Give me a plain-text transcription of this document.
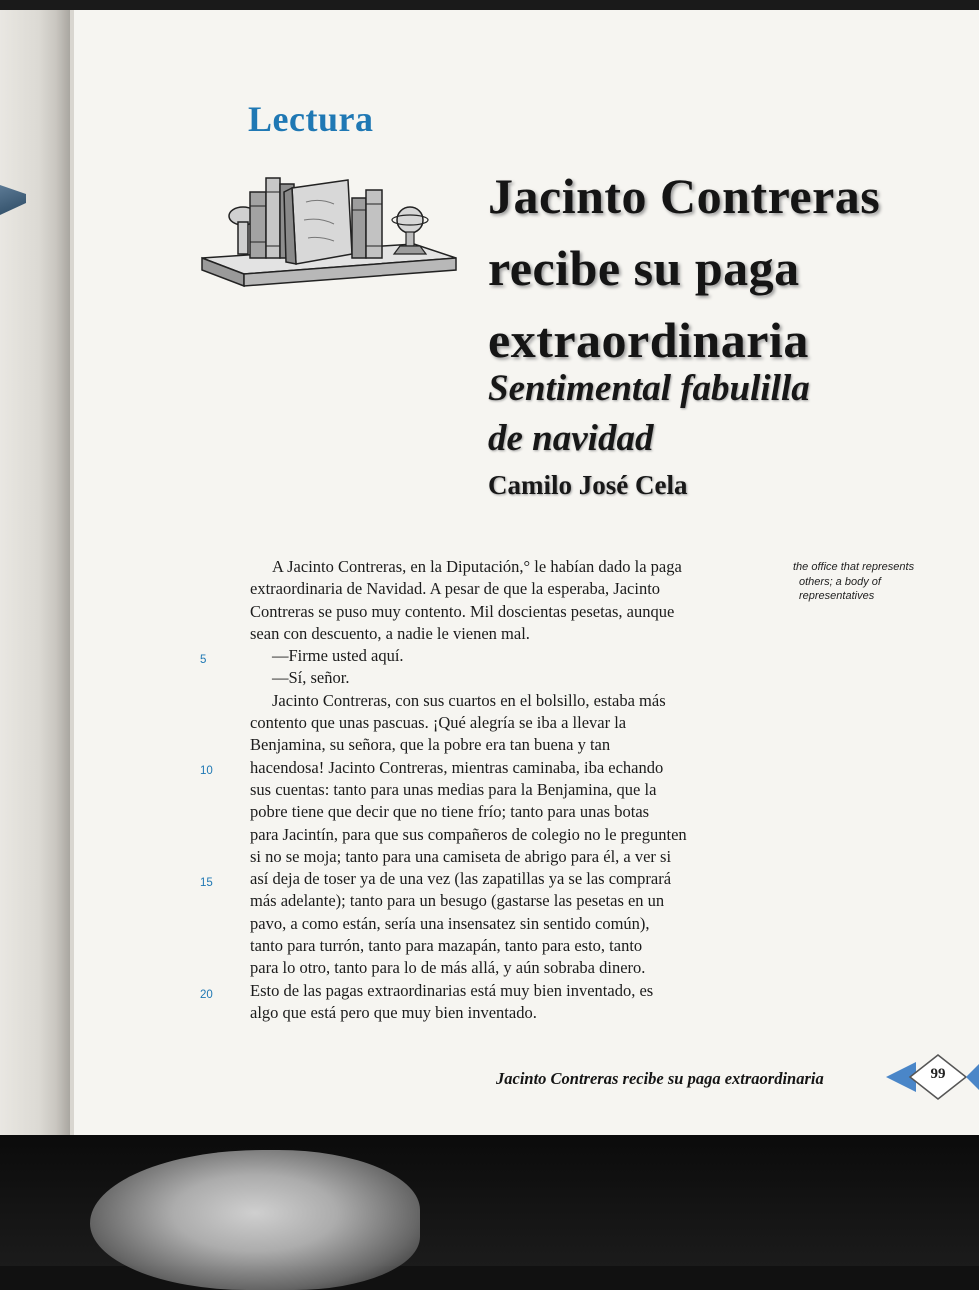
Lectura
Jacinto Contreras
recibe su paga
extraordinaria
Sentimental fabulilla
de navidad
Camilo José Cela
5
10
15
20
A Jacinto Contreras, en la Diputación,° le habían dado la paga
extraordinaria de Navidad. A pesar de que la esperaba, Jacinto
Contreras se puso muy contento. Mil doscientas pesetas, aunque
sean con descuento, a nadie le vienen mal.
—Firme usted aquí.
—Sí, señor.
Jacinto Contreras, con sus cuartos en el bolsillo, estaba más
contento que unas pascuas. ¡Qué alegría se iba a llevar la
Benjamina, su señora, que la pobre era tan buena y tan
hacendosa! Jacinto Contreras, mientras caminaba, iba echando
sus cuentas: tanto para unas medias para la Benjamina, que la
pobre tiene que decir que no tiene frío; tanto para unas botas
para Jacintín, para que sus compañeros de colegio no le pregunten
si no se moja; tanto para una camiseta de abrigo para él, a ver si
así deja de toser ya de una vez (las zapatillas ya se las comprará
más adelante); tanto para un besugo (gastarse las pesetas en un
pavo, a como están, sería una insensatez sin sentido común),
tanto para turrón, tanto para mazapán, tanto para esto, tanto
para lo otro, tanto para lo de más allá, y aún sobraba dinero.
Esto de las pagas extraordinarias está muy bien inventado, es
algo que está pero que muy bien inventado.
the office that represents
others; a body of
representatives
Jacinto Contreras recibe su paga extraordinaria	99
